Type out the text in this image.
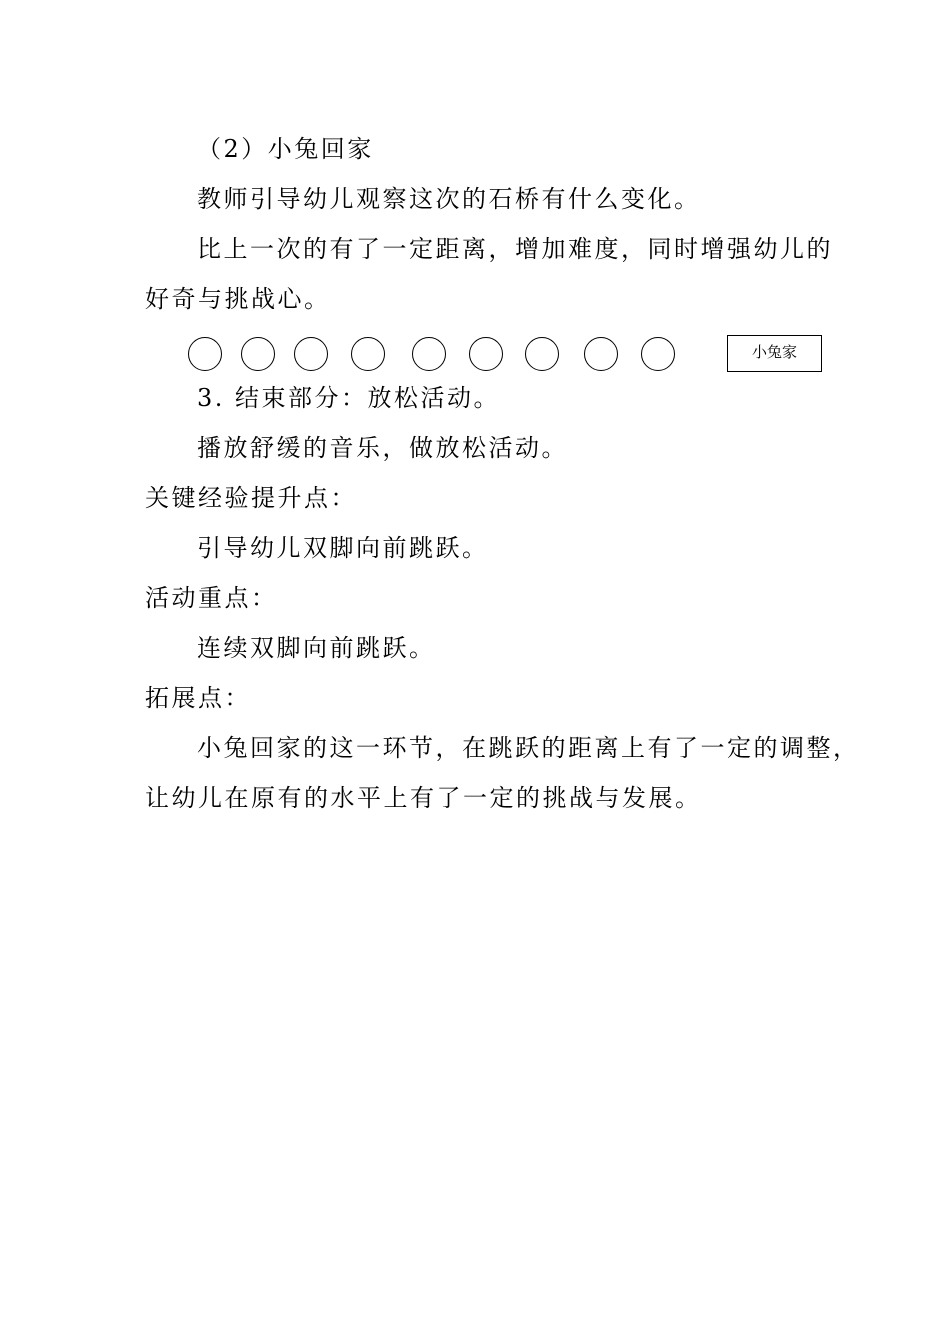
（2）小兔回家
教师引导幼儿观察这次的石桥有什么变化。
比上一次的有了一定距离，增加难度，同时增强幼儿的
好奇与挑战心。
小兔家
3. 结束部分：放松活动。
播放舒缓的音乐，做放松活动。
关键经验提升点：
引导幼儿双脚向前跳跃。
活动重点：
连续双脚向前跳跃。
拓展点：
小兔回家的这一环节，在跳跃的距离上有了一定的调整，
让幼儿在原有的水平上有了一定的挑战与发展。
